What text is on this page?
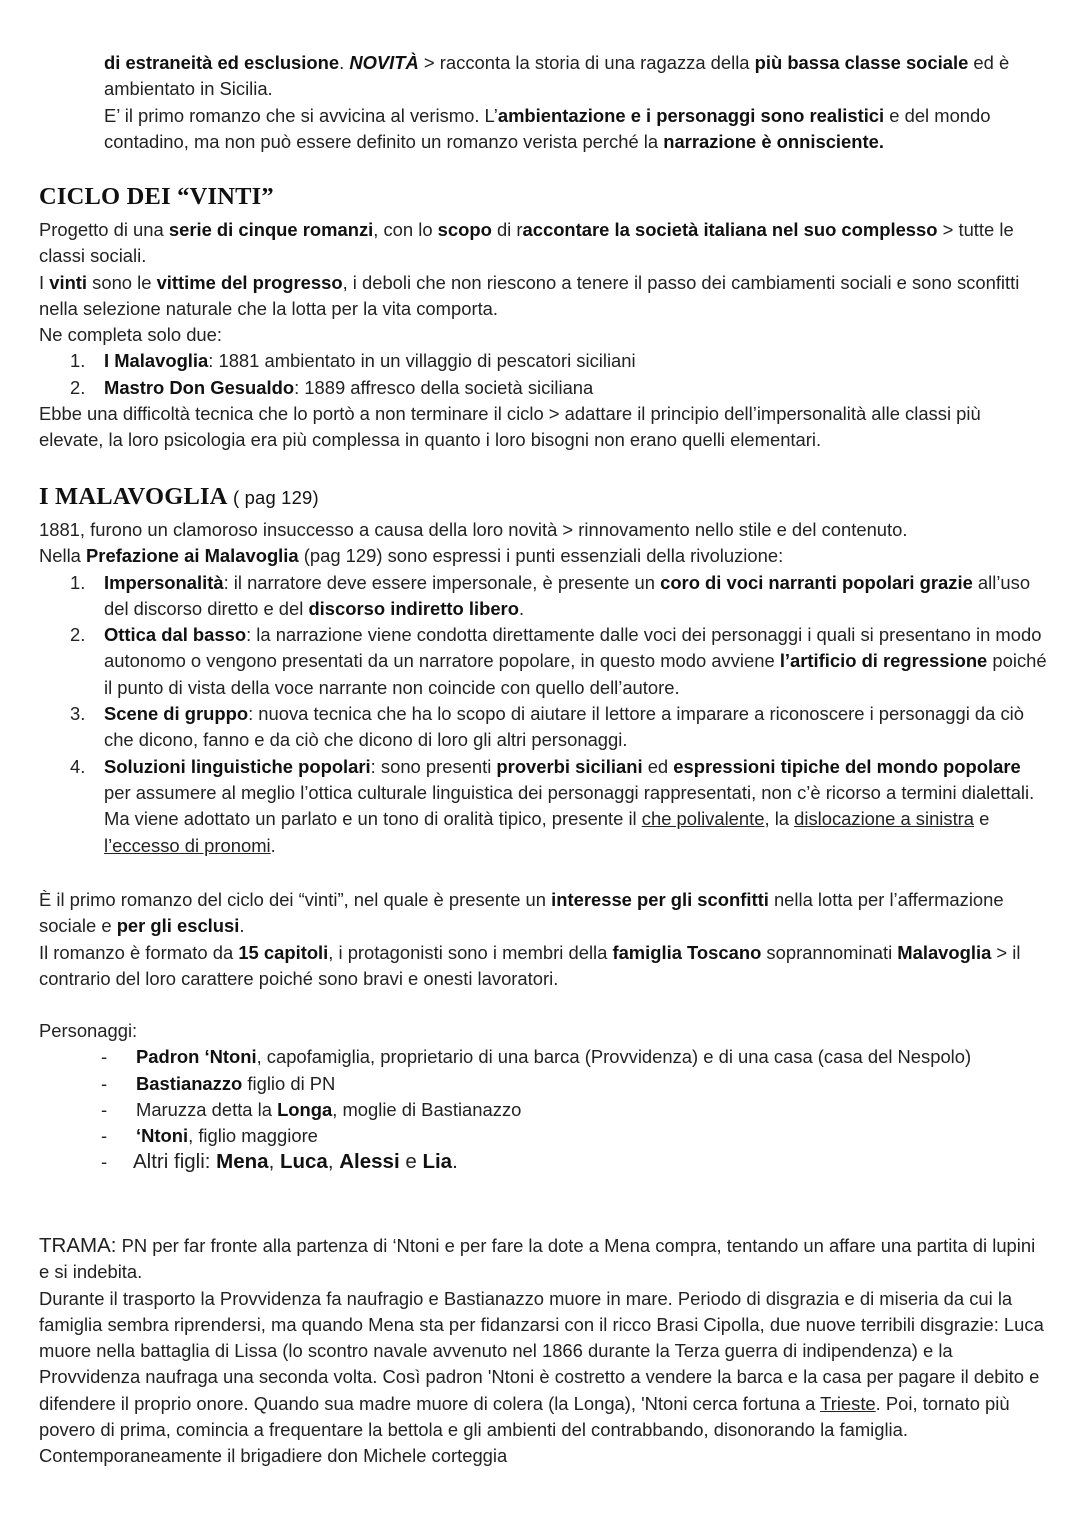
di estraneità ed esclusione. NOVITÀ > racconta la storia di una ragazza della più bassa classe sociale ed è ambientato in Sicilia.

E’ il primo romanzo che si avvicina al verismo. L’ambientazione e i personaggi sono realistici e del mondo contadino, ma non può essere definito un romanzo verista perché la narrazione è onnisciente.

CICLO DEI “VINTI”

Progetto di una serie di cinque romanzi, con lo scopo di raccontare la società italiana nel suo complesso > tutte le classi sociali.

I vinti sono le vittime del progresso, i deboli che non riescono a tenere il passo dei cambiamenti sociali e sono sconfitti nella selezione naturale che la lotta per la vita comporta.

Ne completa solo due:

1. I Malavoglia: 1881 ambientato in un villaggio di pescatori siciliani
2. Mastro Don Gesualdo: 1889 affresco della società siciliana

Ebbe una difficoltà tecnica che lo portò a non terminare il ciclo > adattare il principio dell’impersonalità alle classi più elevate, la loro psicologia era più complessa in quanto i loro bisogni non erano quelli elementari.

I MALAVOGLIA ( pag 129)

1881, furono un clamoroso insuccesso a causa della loro novità > rinnovamento nello stile e del contenuto.

Nella Prefazione ai Malavoglia (pag 129) sono espressi i punti essenziali della rivoluzione:

1. Impersonalità: il narratore deve essere impersonale, è presente un coro di voci narranti popolari grazie all’uso del discorso diretto e del discorso indiretto libero.
2. Ottica dal basso: la narrazione viene condotta direttamente dalle voci dei personaggi i quali si presentano in modo autonomo o vengono presentati da un narratore popolare, in questo modo avviene l’artificio di regressione poiché il punto di vista della voce narrante non coincide con quello dell’autore.
3. Scene di gruppo: nuova tecnica che ha lo scopo di aiutare il lettore a imparare a riconoscere i personaggi da ciò che dicono, fanno e da ciò che dicono di loro gli altri personaggi.
4. Soluzioni linguistiche popolari: sono presenti proverbi siciliani ed espressioni tipiche del mondo popolare per assumere al meglio l’ottica culturale linguistica dei personaggi rappresentati, non c’è ricorso a termini dialettali. Ma viene adottato un parlato e un tono di oralità tipico, presente il che polivalente, la dislocazione a sinistra e l’eccesso di pronomi.

È il primo romanzo del ciclo dei “vinti”, nel quale è presente un interesse per gli sconfitti nella lotta per l’affermazione sociale e per gli esclusi.

Il romanzo è formato da 15 capitoli, i protagonisti sono i membri della famiglia Toscano soprannominati Malavoglia > il contrario del loro carattere poiché sono bravi e onesti lavoratori.

Personaggi:

- Padron ‘Ntoni, capofamiglia, proprietario di una barca (Provvidenza) e di una casa (casa del Nespolo)
- Bastianazzo figlio di PN
- Maruzza detta la Longa, moglie di Bastianazzo
- ‘Ntoni, figlio maggiore
- Altri figli: Mena, Luca, Alessi e Lia.

TRAMA: PN per far fronte alla partenza di ‘Ntoni e per fare la dote a Mena compra, tentando un affare una partita di lupini e si indebita.

Durante il trasporto la Provvidenza fa naufragio e Bastianazzo muore in mare. Periodo di disgrazia e di miseria da cui la famiglia sembra riprendersi, ma quando Mena sta per fidanzarsi con il ricco Brasi Cipolla, due nuove terribili disgrazie: Luca muore nella battaglia di Lissa (lo scontro navale avvenuto nel 1866 durante la Terza guerra di indipendenza) e la Provvidenza naufraga una seconda volta. Così padron 'Ntoni è costretto a vendere la barca e la casa per pagare il debito e difendere il proprio onore. Quando sua madre muore di colera (la Longa), 'Ntoni cerca fortuna a Trieste. Poi, tornato più povero di prima, comincia a frequentare la bettola e gli ambienti del contrabbando, disonorando la famiglia. Contemporaneamente il brigadiere don Michele corteggia
